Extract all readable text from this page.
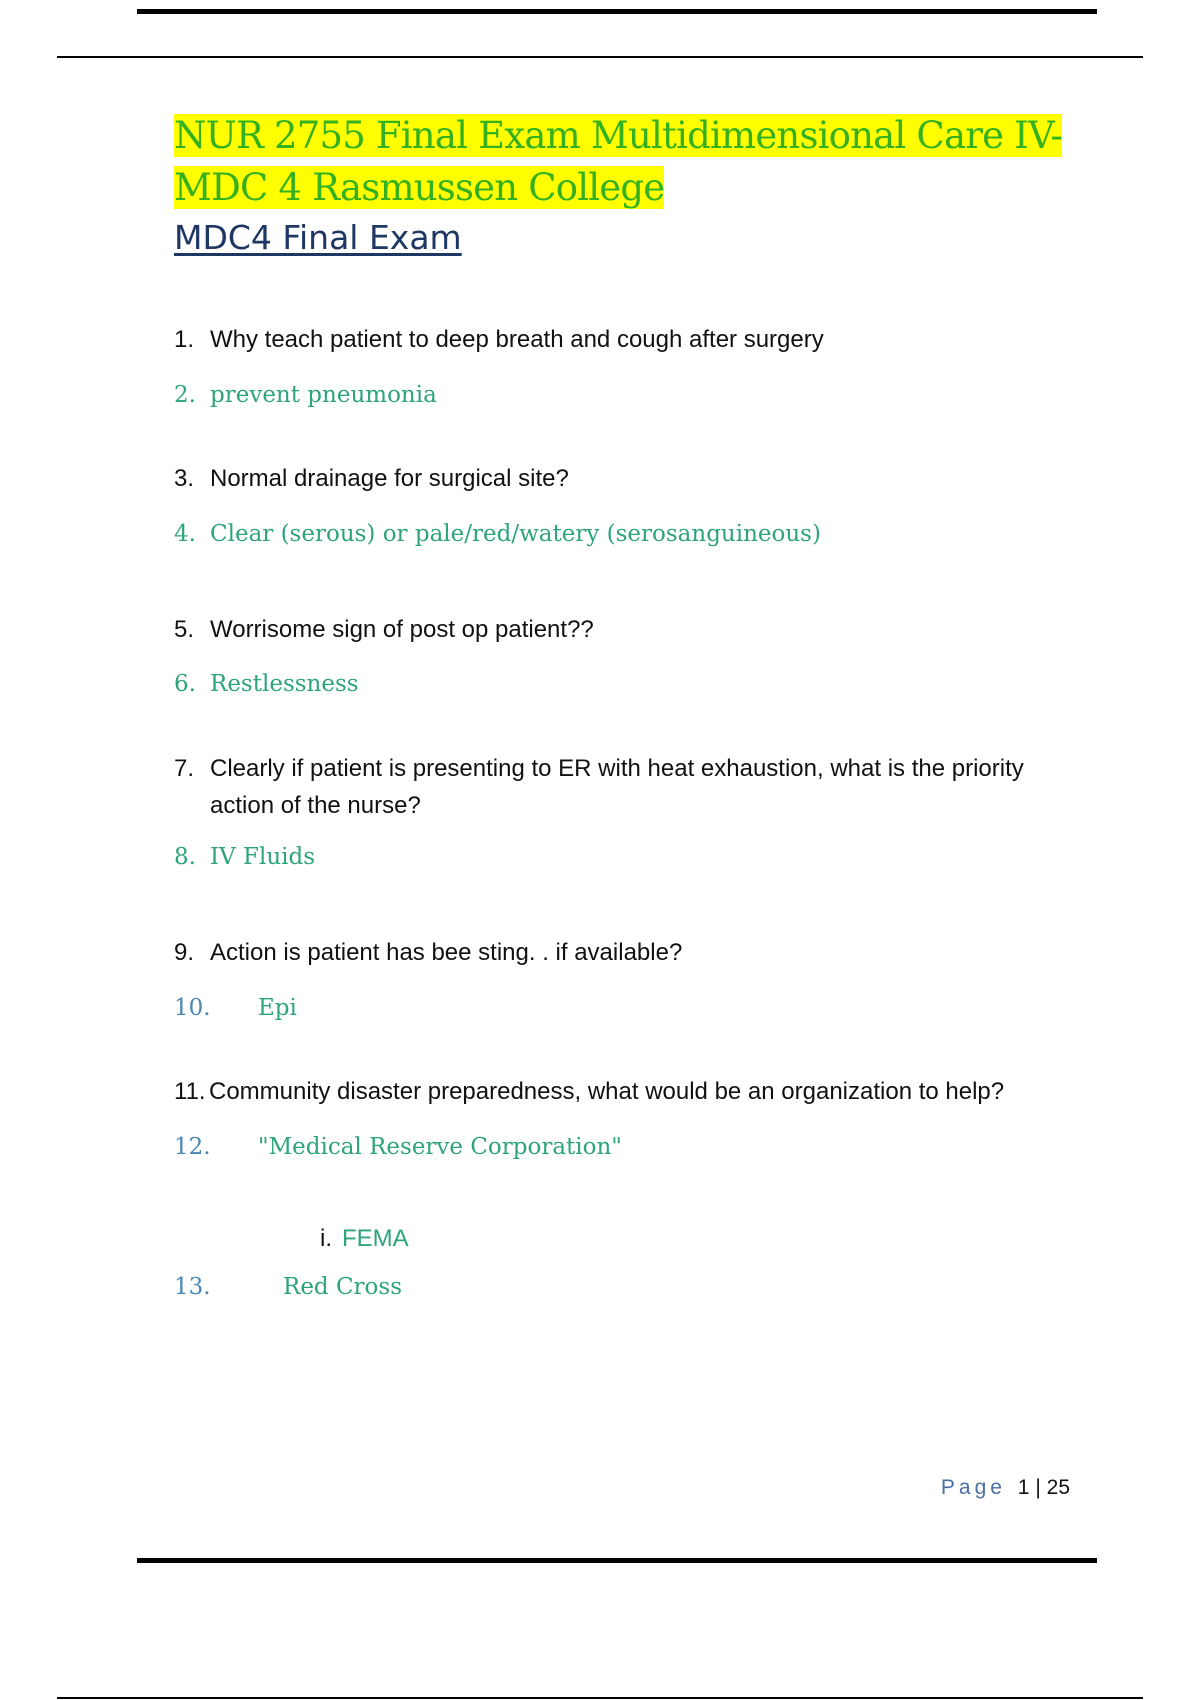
NUR 2755 Final Exam Multidimensional Care IV-MDC 4 Rasmussen College
MDC4 Final Exam
1. Why teach patient to deep breath and cough after surgery
2. prevent pneumonia
3. Normal drainage for surgical site?
4. Clear (serous) or pale/red/watery (serosanguineous)
5. Worrisome sign of post op patient??
6. Restlessness
7. Clearly if patient is presenting to ER with heat exhaustion, what is the priority action of the nurse?
8. IV Fluids
9. Action is patient has bee sting. . if available?
10.	Epi
11. Community disaster preparedness, what would be an organization to help?
12.	"Medical Reserve Corporation"
i. FEMA
13.	Red Cross
Page 1 | 25
